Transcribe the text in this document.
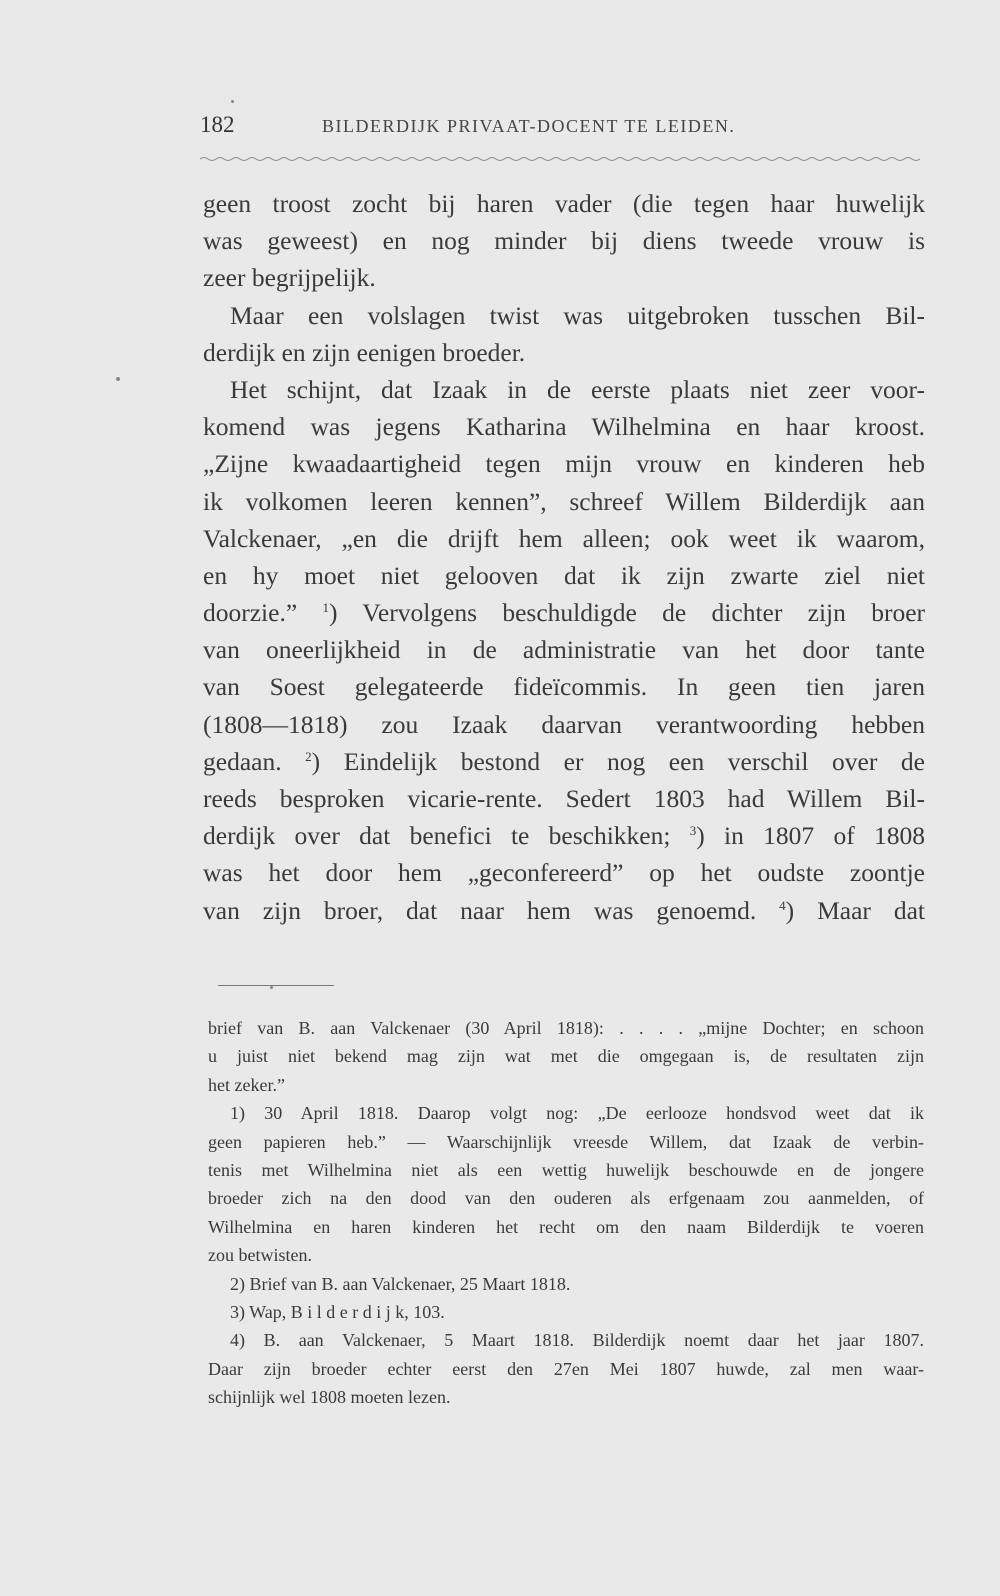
182	BILDERDIJK PRIVAAT-DOCENT TE LEIDEN.
geen troost zocht bij haren vader (die tegen haar huwelijk
was geweest) en nog minder bij diens tweede vrouw is
zeer begrijpelijk.
Maar een volslagen twist was uitgebroken tusschen Bil-
derdijk en zijn eenigen broeder.
Het schijnt, dat Izaak in de eerste plaats niet zeer voor-
komend was jegens Katharina Wilhelmina en haar kroost.
„Zijne kwaadaartigheid tegen mijn vrouw en kinderen heb
ik volkomen leeren kennen”, schreef Willem Bilderdijk aan
Valckenaer, „en die drijft hem alleen; ook weet ik waarom,
en hy moet niet gelooven dat ik zijn zwarte ziel niet
doorzie.” $^1$) Vervolgens beschuldigde de dichter zijn broer
van oneerlijkheid in de administratie van het door tante
van Soest gelegateerde fideïcommis. In geen tien jaren
(1808—1818) zou Izaak daarvan verantwoording hebben
gedaan. $^2$) Eindelijk bestond er nog een verschil over de
reeds besproken vicarie-rente. Sedert 1803 had Willem Bil-
derdijk over dat benefici te beschikken; $^3$) in 1807 of 1808
was het door hem „geconfereerd” op het oudste zoontje
van zijn broer, dat naar hem was genoemd. $^4$) Maar dat
brief van B. aan Valckenaer (30 April 1818): . . . . „mijne Dochter; en schoon
u juist niet bekend mag zijn wat met die omgegaan is, de resultaten zijn
het zeker.”
1) 30 April 1818. Daarop volgt nog: „De eerlooze hondsvod weet dat ik
geen papieren heb.” — Waarschijnlijk vreesde Willem, dat Izaak de verbin-
tenis met Wilhelmina niet als een wettig huwelijk beschouwde en de jongere
broeder zich na den dood van den ouderen als erfgenaam zou aanmelden, of
Wilhelmina en haren kinderen het recht om den naam Bilderdijk te voeren
zou betwisten.
2) Brief van B. aan Valckenaer, 25 Maart 1818.
3) Wap, B i l d e r d i j k, 103.
4) B. aan Valckenaer, 5 Maart 1818. Bilderdijk noemt daar het jaar 1807.
Daar zijn broeder echter eerst den 27en Mei 1807 huwde, zal men waar-
schijnlijk wel 1808 moeten lezen.
